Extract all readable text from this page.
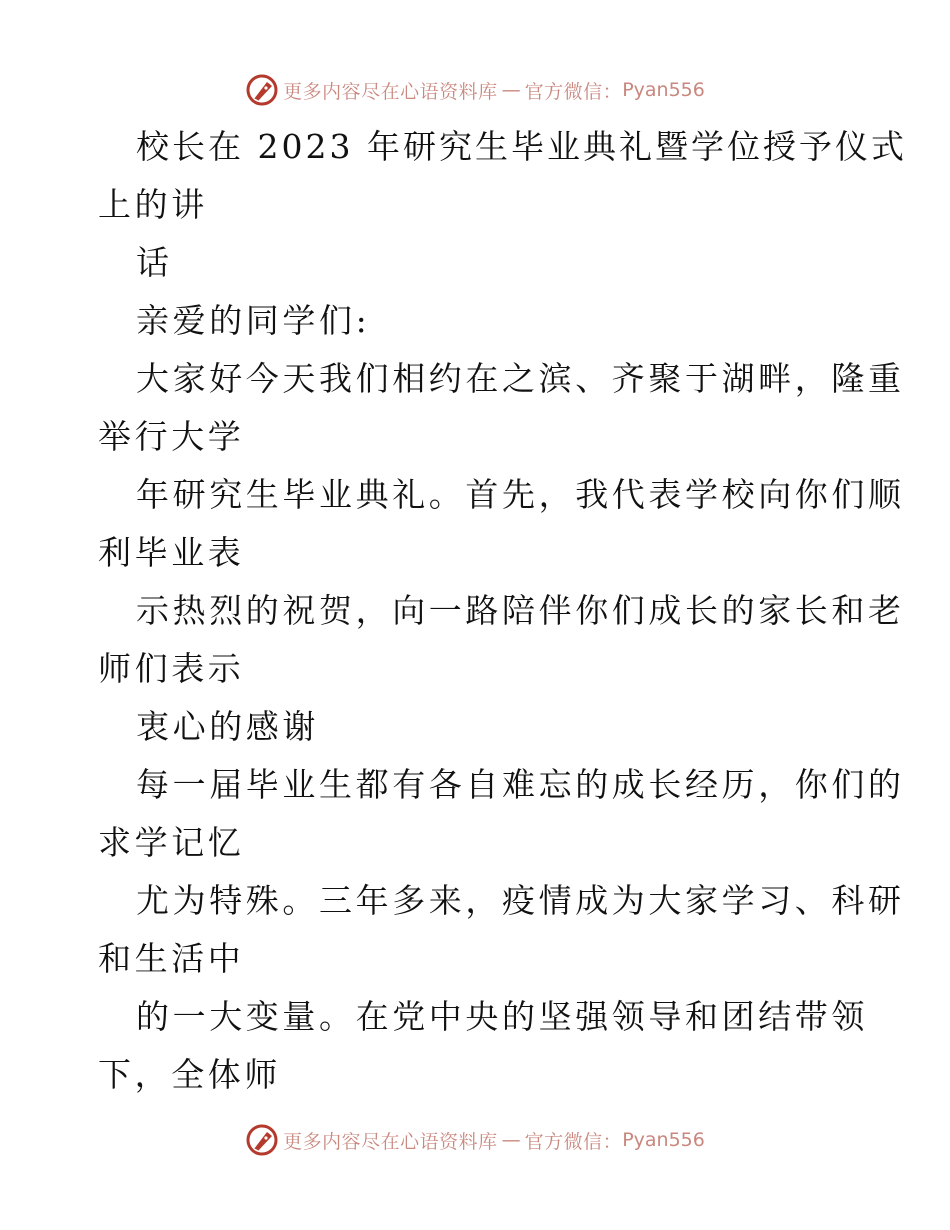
更多内容尽在心语资料库 — 官方微信： Pyan556
校长在 2023 年研究生毕业典礼暨学位授予仪式
上的讲
话
亲爱的同学们:
大家好今天我们相约在之滨、齐聚于湖畔，隆重
举行大学
年研究生毕业典礼。首先，我代表学校向你们顺
利毕业表
示热烈的祝贺，向一路陪伴你们成长的家长和老
师们表示
衷心的感谢
每一届毕业生都有各自难忘的成长经历，你们的
求学记忆
尤为特殊。三年多来，疫情成为大家学习、科研
和生活中
的一大变量。在党中央的坚强领导和团结带领
下，全体师
更多内容尽在心语资料库 — 官方微信： Pyan556
